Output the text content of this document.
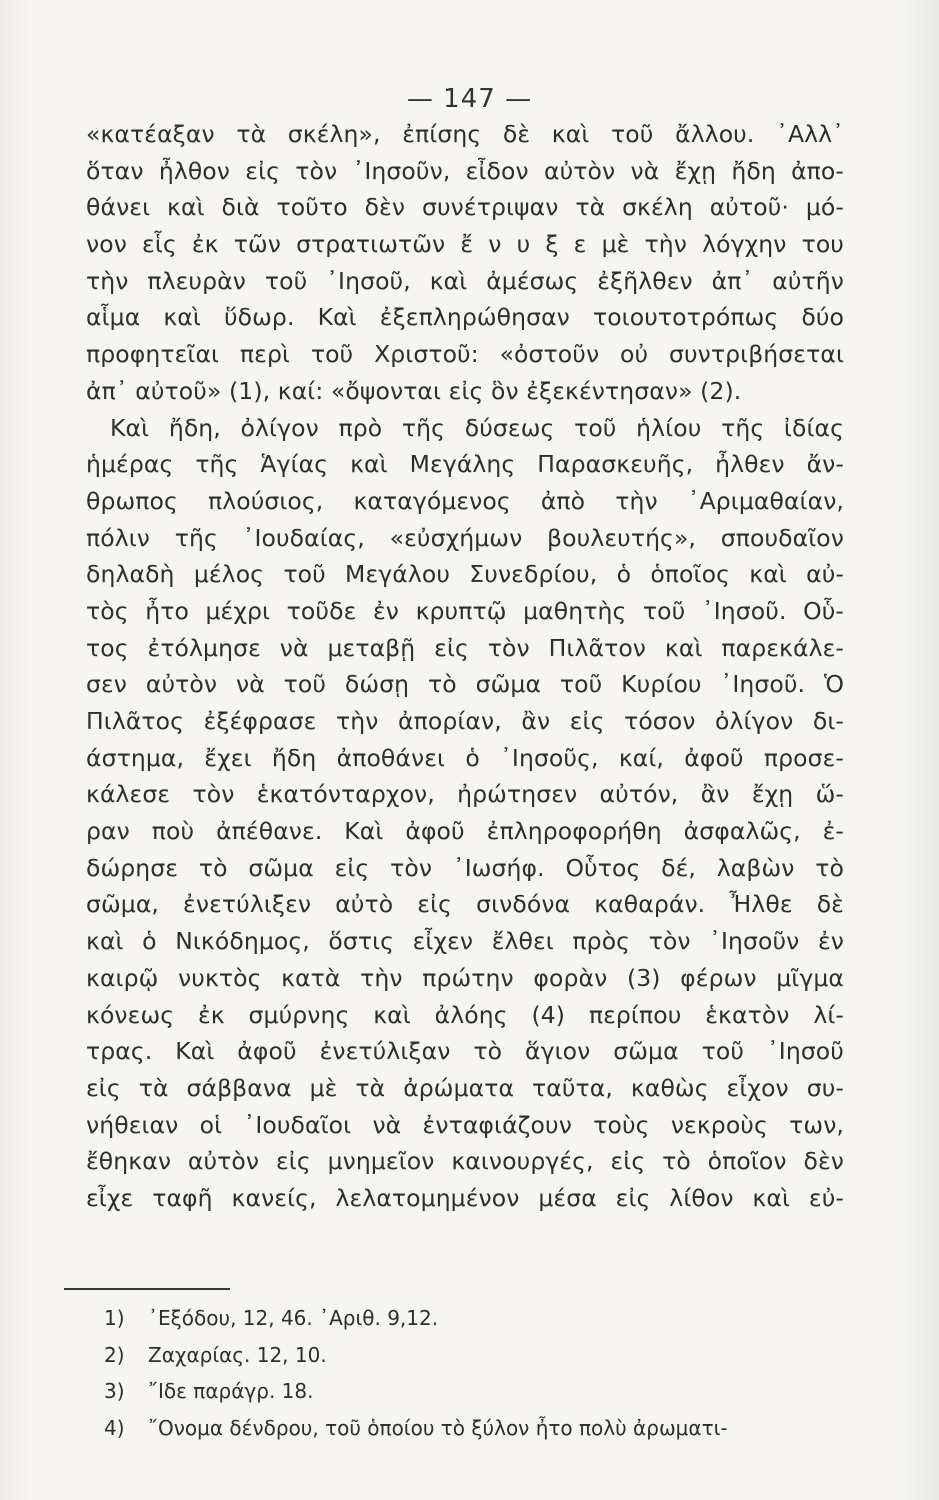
— 147 —
«κατέαξαν τὰ σκέλη», ἐπίσης δὲ καὶ τοῦ ἄλλου. ᾽Αλλ᾽
ὅταν ἦλθον εἰς τὸν ᾽Ιησοῦν, εἶδον αὐτὸν νὰ ἔχῃ ἤδη ἀπο-
θάνει καὶ διὰ τοῦτο δὲν συνέτριψαν τὰ σκέλη αὐτοῦ· μό-
νον εἷς ἐκ τῶν στρατιωτῶν ἔ ν υ ξ ε μὲ τὴν λόγχην του
τὴν πλευρὰν τοῦ ᾽Ιησοῦ, καὶ ἀμέσως ἐξῆλθεν ἀπ᾽ αὐτῆν
αἷμα καὶ ὕδωρ. Καὶ ἐξεπληρώθησαν τοιουτοτρόπως δύο
προφητεῖαι περὶ τοῦ Χριστοῦ: «ὀστοῦν οὐ συντριβήσεται
ἀπ᾽ αὐτοῦ» (1), καί: «ὄψονται εἰς ὃν ἐξεκέντησαν» (2).
Καὶ ἤδη, ὀλίγον πρὸ τῆς δύσεως τοῦ ἡλίου τῆς ἰδίας
ἡμέρας τῆς Ἁγίας καὶ Μεγάλης Παρασκευῆς, ἦλθεν ἄν-
θρωπος πλούσιος, καταγόμενος ἀπὸ τὴν ᾽Αριμαθαίαν,
πόλιν τῆς ᾽Ιουδαίας, «εὐσχήμων βουλευτής», σπουδαῖον
δηλαδὴ μέλος τοῦ Μεγάλου Συνεδρίου, ὁ ὁποῖος καὶ αὐ-
τὸς ἦτο μέχρι τοῦδε ἐν κρυπτῷ μαθητὴς τοῦ ᾽Ιησοῦ. Οὗ-
τος ἐτόλμησε νὰ μεταβῇ εἰς τὸν Πιλᾶτον καὶ παρεκάλε-
σεν αὐτὸν νὰ τοῦ δώσῃ τὸ σῶμα τοῦ Κυρίου ᾽Ιησοῦ. Ὁ
Πιλᾶτος ἐξέφρασε τὴν ἀπορίαν, ἂν εἰς τόσον ὀλίγον δι-
άστημα, ἔχει ἤδη ἀποθάνει ὁ ᾽Ιησοῦς, καί, ἀφοῦ προσε-
κάλεσε τὸν ἑκατόνταρχον, ἠρώτησεν αὐτόν, ἂν ἔχῃ ὥ-
ραν ποὺ ἀπέθανε. Καὶ ἀφοῦ ἐπληροφορήθη ἀσφαλῶς, ἐ-
δώρησε τὸ σῶμα εἰς τὸν ᾽Ιωσήφ. Οὗτος δέ, λαβὼν τὸ
σῶμα, ἐνετύλιξεν αὐτὸ εἰς σινδόνα καθαράν. Ἦλθε δὲ
καὶ ὁ Νικόδημος, ὅστις εἶχεν ἔλθει πρὸς τὸν ᾽Ιησοῦν ἐν
καιρῷ νυκτὸς κατὰ τὴν πρώτην φορὰν (3) φέρων μῖγμα
κόνεως ἐκ σμύρνης καὶ ἀλόης (4) περίπου ἑκατὸν λί-
τρας. Καὶ ἀφοῦ ἐνετύλιξαν τὸ ἅγιον σῶμα τοῦ ᾽Ιησοῦ
εἰς τὰ σάββανα μὲ τὰ ἀρώματα ταῦτα, καθὼς εἶχον συ-
νήθειαν οἱ ᾽Ιουδαῖοι νὰ ἐνταφιάζουν τοὺς νεκροὺς των,
ἔθηκαν αὐτὸν εἰς μνημεῖον καινουργές, εἰς τὸ ὁποῖον δὲν
εἶχε ταφῆ κανείς, λελατομημένον μέσα εἰς λίθον καὶ εὐ-
1) ᾽Εξόδου, 12, 46. ᾽Αριθ. 9,12.
2) Ζαχαρίας. 12, 10.
3) ῎Ιδε παράγρ. 18.
4) ῎Ονομα δένδρου, τοῦ ὁποίου τὸ ξύλον ἦτο πολὺ ἀρωματι-
